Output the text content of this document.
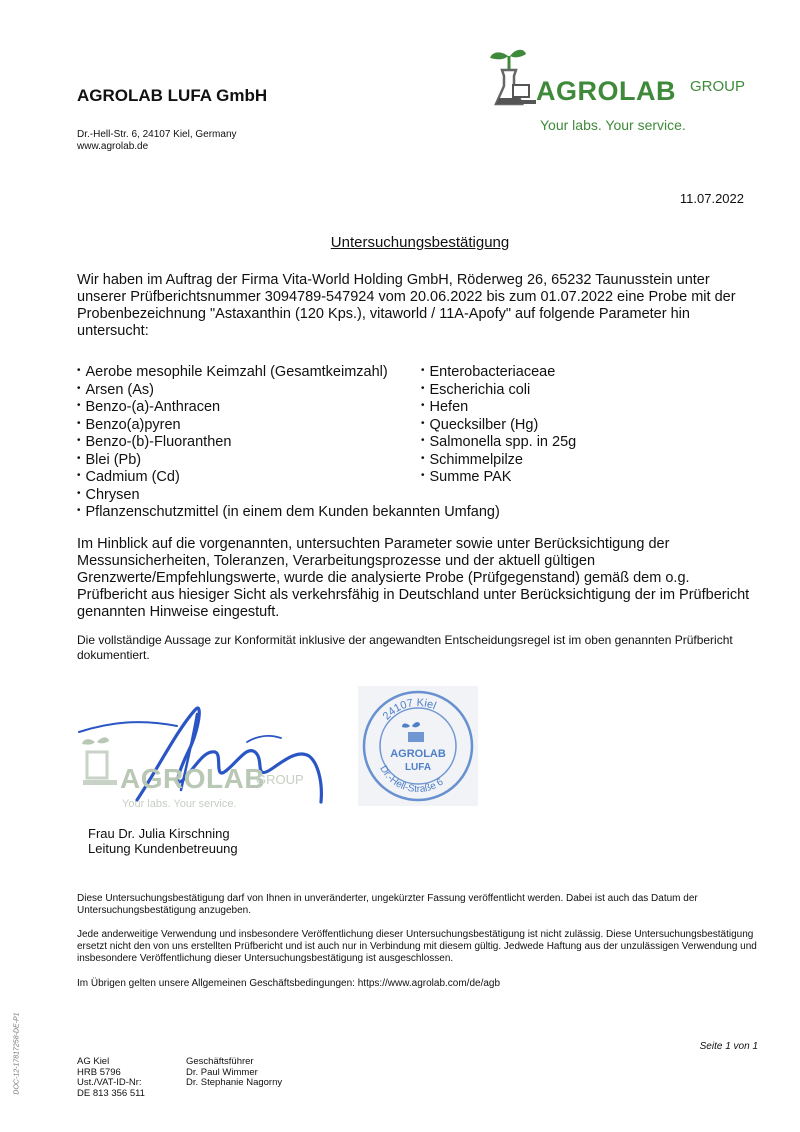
AGROLAB LUFA GmbH
Dr.-Hell-Str. 6, 24107 Kiel, Germany
www.agrolab.de
AGROLAB GROUP
Your labs. Your service.
11.07.2022
Untersuchungsbestätigung
Wir haben im Auftrag der Firma Vita-World Holding GmbH, Röderweg 26, 65232 Taunusstein unter unserer Prüfberichtsnummer 3094789-547924 vom 20.06.2022 bis zum 01.07.2022 eine Probe mit der Probenbezeichnung "Astaxanthin (120 Kps.), vitaworld / 11A-Apofy" auf folgende Parameter hin untersucht:
• Aerobe mesophile Keimzahl (Gesamtkeimzahl)
• Arsen (As)
• Benzo-(a)-Anthracen
• Benzo(a)pyren
• Benzo-(b)-Fluoranthen
• Blei (Pb)
• Cadmium (Cd)
• Chrysen
• Pflanzenschutzmittel (in einem dem Kunden bekannten Umfang)
• Enterobacteriaceae
• Escherichia coli
• Hefen
• Quecksilber (Hg)
• Salmonella spp. in 25g
• Schimmelpilze
• Summe PAK
Im Hinblick auf die vorgenannten, untersuchten Parameter sowie unter Berücksichtigung der Messunsicherheiten, Toleranzen, Verarbeitungsprozesse und der aktuell gültigen Grenzwerte/Empfehlungswerte, wurde die analysierte Probe (Prüfgegenstand) gemäß dem o.g. Prüfbericht aus hiesiger Sicht als verkehrsfähig in Deutschland unter Berücksichtigung der im Prüfbericht genannten Hinweise eingestuft.
Die vollständige Aussage zur Konformität inklusive der angewandten Entscheidungsregel ist im oben genannten Prüfbericht dokumentiert.
AGROLAB
GROUP
Your labs. Your service.
24107 Kiel
Dr.-Hell-Straße 6
AGROLAB
LUFA
Frau Dr. Julia Kirschning
Leitung Kundenbetreuung
Diese Untersuchungsbestätigung darf von Ihnen in unveränderter, ungekürzter Fassung veröffentlicht werden. Dabei ist auch das Datum der Untersuchungsbestätigung anzugeben.
Jede anderweitige Verwendung und insbesondere Veröffentlichung dieser Untersuchungsbestätigung ist nicht zulässig. Diese Untersuchungsbestätigung ersetzt nicht den von uns erstellten Prüfbericht und ist auch nur in Verbindung mit diesem gültig. Jedwede Haftung aus der unzulässigen Verwendung und insbesondere Veröffentlichung dieser Untersuchungsbestätigung ist ausgeschlossen.
Im Übrigen gelten unsere Allgemeinen Geschäftsbedingungen: https://www.agrolab.com/de/agb
Seite 1 von 1
AG Kiel
HRB 5796
Ust./VAT-ID-Nr:
DE 813 356 511
Geschäftsführer
Dr. Paul Wimmer
Dr. Stephanie Nagorny
DOC-12-17817258-DE-P1
